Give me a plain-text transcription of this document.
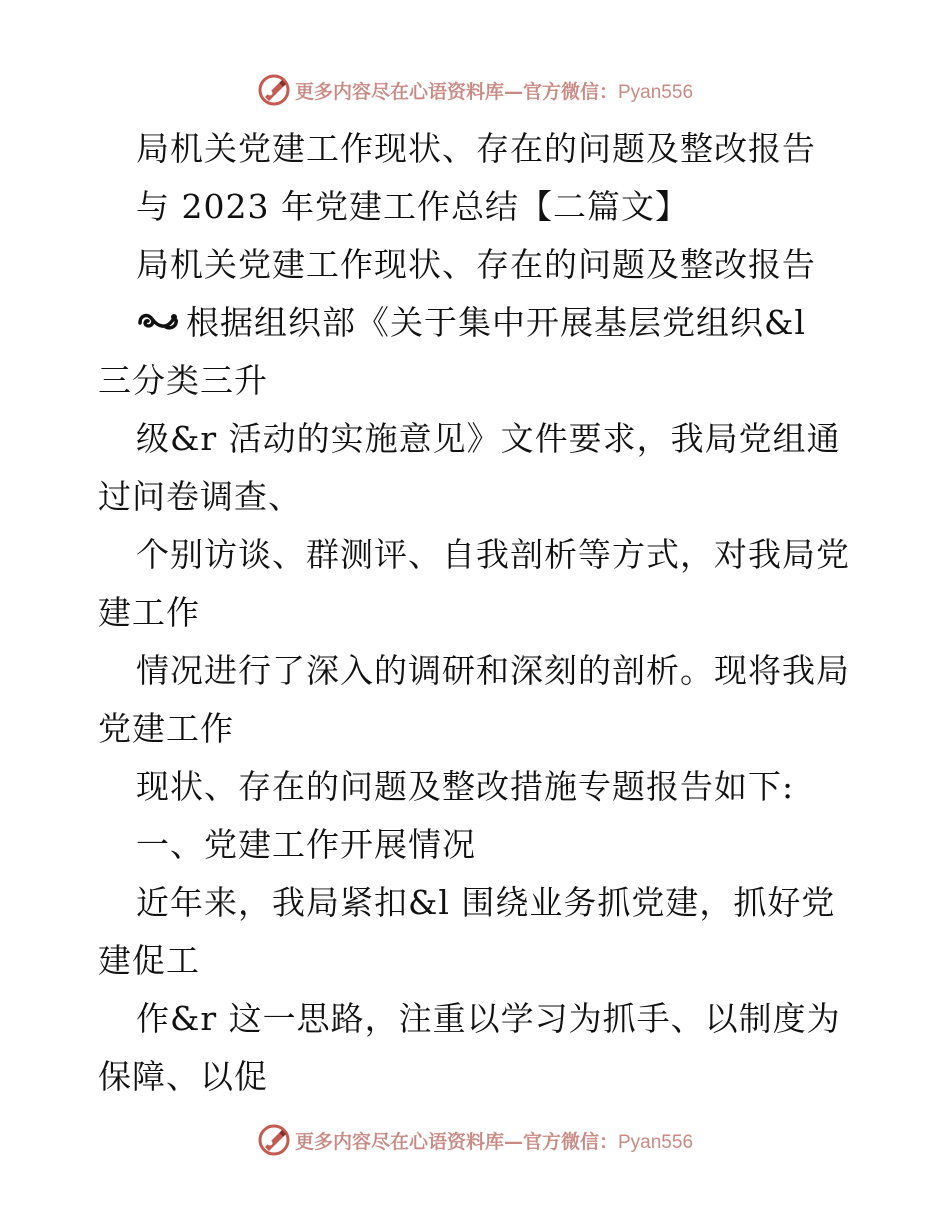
更多内容尽在心语资料库—官方微信：Pyan556
局机关党建工作现状、存在的问题及整改报告
与 2023 年党建工作总结【二篇文】
局机关党建工作现状、存在的问题及整改报告
根据组织部《关于集中开展基层党组织&l
三分类三升
级&r 活动的实施意见》文件要求，我局党组通
过问卷调查、
个别访谈、群测评、自我剖析等方式，对我局党
建工作
情况进行了深入的调研和深刻的剖析。现将我局
党建工作
现状、存在的问题及整改措施专题报告如下:
一、党建工作开展情况
近年来，我局紧扣&l 围绕业务抓党建，抓好党
建促工
作&r 这一思路，注重以学习为抓手、以制度为
保障、以促
更多内容尽在心语资料库—官方微信：Pyan556
